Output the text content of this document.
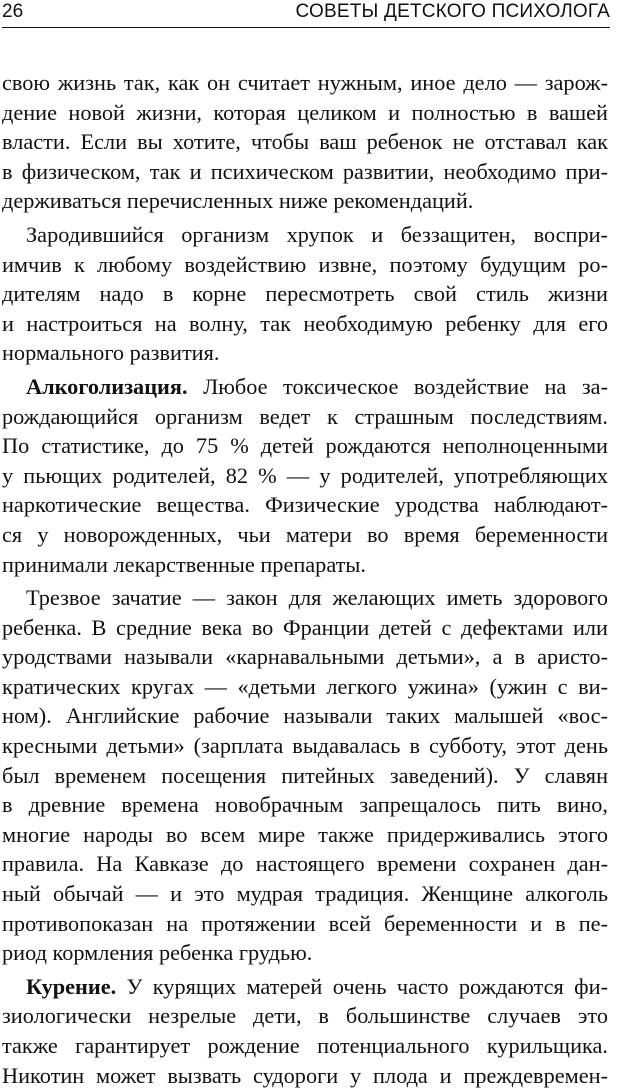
26	СОВЕТЫ ДЕТСКОГО ПСИХОЛОГА
свою жизнь так, как он считает нужным, иное дело — зарож-
дение новой жизни, которая целиком и полностью в вашей
власти. Если вы хотите, чтобы ваш ребенок не отставал как
в физическом, так и психическом развитии, необходимо при-
держиваться перечисленных ниже рекомендаций.
Зародившийся организм хрупок и беззащитен, воспри-
имчив к любому воздействию извне, поэтому будущим ро-
дителям надо в корне пересмотреть свой стиль жизни
и настроиться на волну, так необходимую ребенку для его
нормального развития.
Алкоголизация. Любое токсическое воздействие на за-
рождающийся организм ведет к страшным последствиям.
По статистике, до 75 % детей рождаются неполноценными
у пьющих родителей, 82 % — у родителей, употребляющих
наркотические вещества. Физические уродства наблюдают-
ся у новорожденных, чьи матери во время беременности
принимали лекарственные препараты.
Трезвое зачатие — закон для желающих иметь здорового
ребенка. В средние века во Франции детей с дефектами или
уродствами называли «карнавальными детьми», а в аристо-
кратических кругах — «детьми легкого ужина» (ужин с ви-
ном). Английские рабочие называли таких малышей «вос-
кресными детьми» (зарплата выдавалась в субботу, этот день
был временем посещения питейных заведений). У славян
в древние времена новобрачным запрещалось пить вино,
многие народы во всем мире также придерживались этого
правила. На Кавказе до настоящего времени сохранен дан-
ный обычай — и это мудрая традиция. Женщине алкоголь
противопоказан на протяжении всей беременности и в пе-
риод кормления ребенка грудью.
Курение. У курящих матерей очень часто рождаются фи-
зиологически незрелые дети, в большинстве случаев это
также гарантирует рождение потенциального курильщика.
Никотин может вызвать судороги у плода и преждевремен-
